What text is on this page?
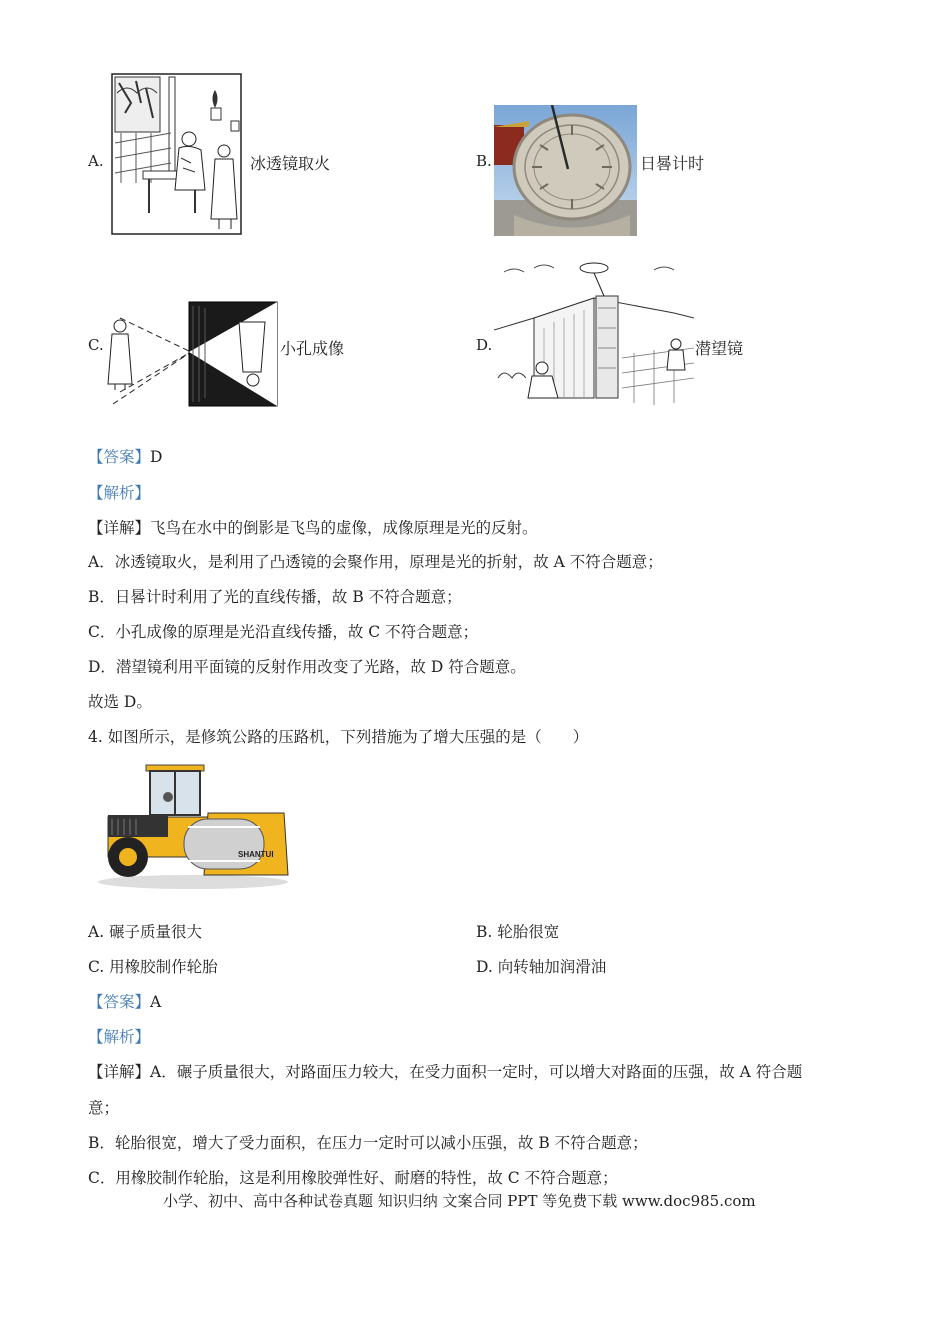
A.	冰透镜取火	B.	日晷计时
C.	小孔成像	D.	潜望镜
【答案】D
【解析】
【详解】飞鸟在水中的倒影是飞鸟的虚像，成像原理是光的反射。
A．冰透镜取火，是利用了凸透镜的会聚作用，原理是光的折射，故 A 不符合题意；
B．日晷计时利用了光的直线传播，故 B 不符合题意；
C．小孔成像的原理是光沿直线传播，故 C 不符合题意；
D．潜望镜利用平面镜的反射作用改变了光路，故 D 符合题意。
故选 D。
4. 如图所示，是修筑公路的压路机，下列措施为了增大压强的是（　　）
SHANTUI
A. 碾子质量很大	B. 轮胎很宽
C. 用橡胶制作轮胎	D. 向转轴加润滑油
【答案】A
【解析】
【详解】A．碾子质量很大，对路面压力较大，在受力面积一定时，可以增大对路面的压强，故 A 符合题
意；
B．轮胎很宽，增大了受力面积，在压力一定时可以减小压强，故 B 不符合题意；
C．用橡胶制作轮胎，这是利用橡胶弹性好、耐磨的特性，故 C 不符合题意；
小学、初中、高中各种试卷真题 知识归纳 文案合同 PPT 等免费下载 www.doc985.com
